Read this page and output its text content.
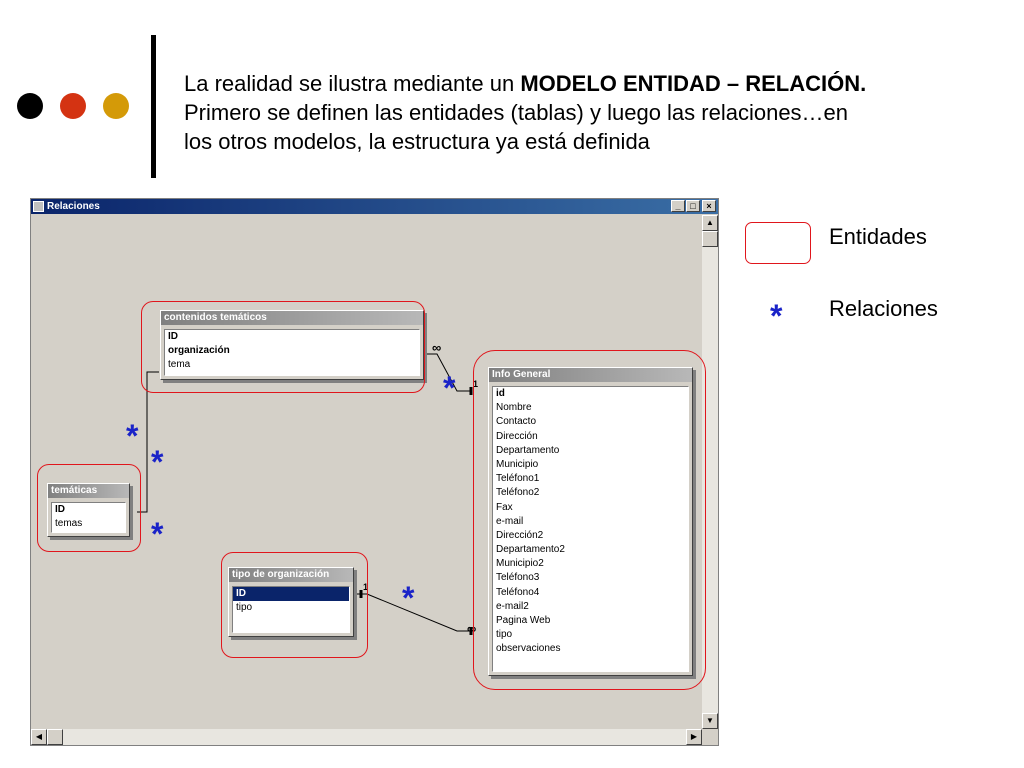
La realidad se ilustra mediante un MODELO ENTIDAD – RELACIÓN.
Primero se definen las entidades (tablas) y luego las relaciones…en
los otros modelos, la estructura ya está definida
Relaciones	_	□	×
∞
1
1
∞
contenidos temáticos
ID
organización
tema
temáticas
ID
temas
tipo de organización
ID
tipo
Info General
id
Nombre
Contacto
Dirección
Departamento
Municipio
Teléfono1
Teléfono2
Fax
e-mail
Dirección2
Departamento2
Municipio2
Teléfono3
Teléfono4
e-mail2
Pagina Web
tipo
observaciones
▲
▼
◀	▶
*
*
*
*
*
Entidades
* Relaciones
